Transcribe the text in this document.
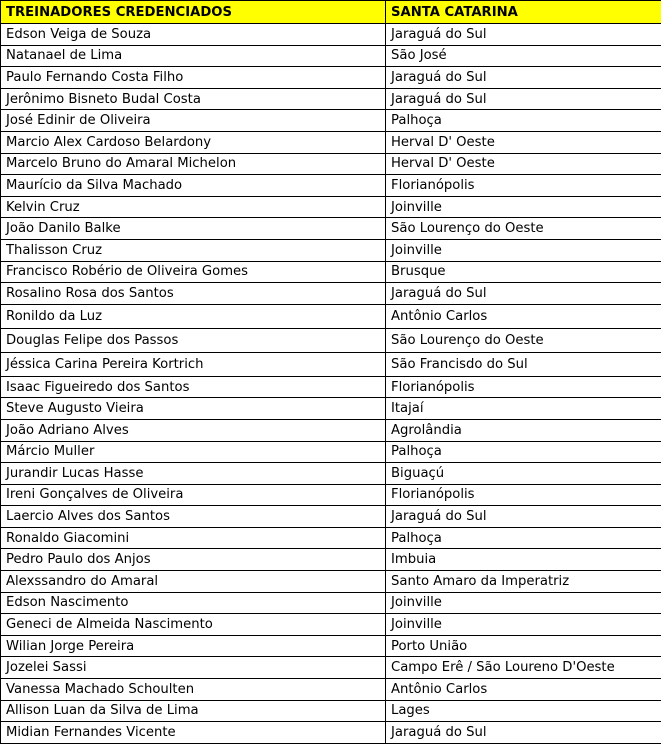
TREINADORES CREDENCIADOS	SANTA CATARINA
Edson Veiga de Souza	Jaraguá do Sul
Natanael de Lima	São José
Paulo Fernando Costa Filho	Jaraguá do Sul
Jerônimo Bisneto Budal Costa	Jaraguá do Sul
José Edinir de Oliveira	Palhoça
Marcio Alex Cardoso Belardony	Herval D' Oeste
Marcelo Bruno do Amaral Michelon	Herval D' Oeste
Maurício da Silva Machado	Florianópolis
Kelvin Cruz	Joinville
João Danilo Balke	São Lourenço do Oeste
Thalisson Cruz	Joinville
Francisco Robério de Oliveira Gomes	Brusque
Rosalino Rosa dos Santos	Jaraguá do Sul
Ronildo da Luz	Antônio Carlos
Douglas Felipe dos Passos	São Lourenço do Oeste
Jéssica Carina Pereira Kortrich	São Francisdo do Sul
Isaac Figueiredo dos Santos	Florianópolis
Steve Augusto Vieira	Itajaí
João Adriano Alves	Agrolândia
Márcio Muller	Palhoça
Jurandir Lucas Hasse	Biguaçú
Ireni Gonçalves de Oliveira	Florianópolis
Laercio Alves dos Santos	Jaraguá do Sul
Ronaldo Giacomini	Palhoça
Pedro Paulo dos Anjos	Imbuia
Alexssandro do Amaral	Santo Amaro da Imperatriz
Edson Nascimento	Joinville
Geneci de Almeida Nascimento	Joinville
Wilian Jorge Pereira	Porto União
Jozelei Sassi	Campo Erê / São Loureno D'Oeste
Vanessa Machado Schoulten	Antônio Carlos
Allison Luan da Silva de Lima	Lages
Midian Fernandes Vicente	Jaraguá do Sul
